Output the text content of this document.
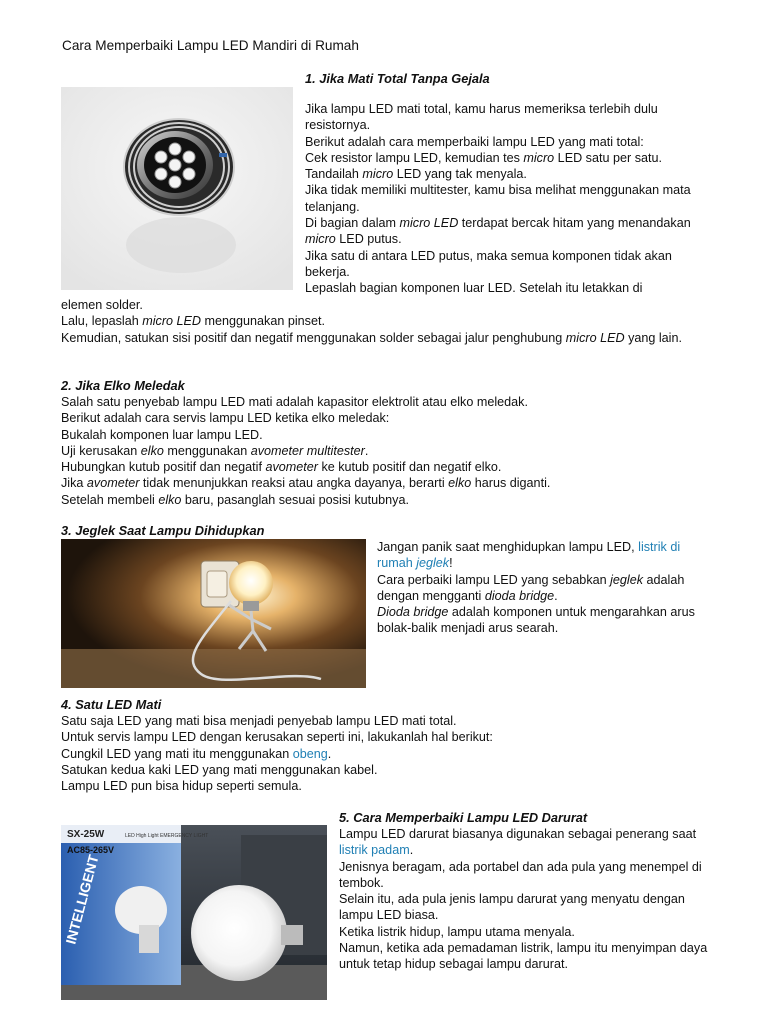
Cara Memperbaiki Lampu LED Mandiri di Rumah
1. Jika Mati Total Tanpa Gejala
Jika lampu LED mati total, kamu harus memeriksa terlebih dulu resistornya.
Berikut adalah cara memperbaiki lampu LED yang mati total:
Cek resistor lampu LED, kemudian tes micro LED satu per satu.
Tandailah micro LED yang tak menyala.
Jika tidak memiliki multitester, kamu bisa melihat menggunakan mata telanjang.
Di bagian dalam micro LED terdapat bercak hitam yang menandakan micro LED putus.
Jika satu di antara LED putus, maka semua komponen tidak akan bekerja.
Lepaslah bagian komponen luar LED. Setelah itu letakkan di
elemen solder.
Lalu, lepaslah micro LED menggunakan pinset.
Kemudian, satukan sisi positif dan negatif menggunakan solder sebagai jalur penghubung micro LED yang lain.
2. Jika Elko Meledak
Salah satu penyebab lampu LED mati adalah kapasitor elektrolit atau elko meledak.
Berikut adalah cara servis lampu LED ketika elko meledak:
Bukalah komponen luar lampu LED.
Uji kerusakan elko menggunakan avometer multitester.
Hubungkan kutub positif dan negatif avometer ke kutub positif dan negatif elko.
Jika avometer tidak menunjukkan reaksi atau angka dayanya, berarti elko harus diganti.
Setelah membeli elko baru, pasanglah sesuai posisi kutubnya.
3. Jeglek Saat Lampu Dihidupkan
Jangan panik saat menghidupkan lampu LED, listrik di rumah jeglek!
Cara perbaiki lampu LED yang sebabkan jeglek adalah dengan mengganti dioda bridge.
Dioda bridge adalah komponen untuk mengarahkan arus bolak-balik menjadi arus searah.
4. Satu LED Mati
Satu saja LED yang mati bisa menjadi penyebab lampu LED mati total.
Untuk servis lampu LED dengan kerusakan seperti ini, lakukanlah hal berikut:
Cungkil LED yang mati itu menggunakan obeng.
Satukan kedua kaki LED yang mati menggunakan kabel.
Lampu LED pun bisa hidup seperti semula.
SX-25W
AC85-265V
LED High Light EMERGENCY LIGHT
INTELLIGENT
5. Cara Memperbaiki Lampu LED Darurat
Lampu LED darurat biasanya digunakan sebagai penerang saat listrik padam.
Jenisnya beragam, ada portabel dan ada pula yang menempel di tembok.
Selain itu, ada pula jenis lampu darurat yang menyatu dengan lampu LED biasa.
Ketika listrik hidup, lampu utama menyala.
Namun, ketika ada pemadaman listrik, lampu itu menyimpan daya untuk tetap hidup sebagai lampu darurat.
